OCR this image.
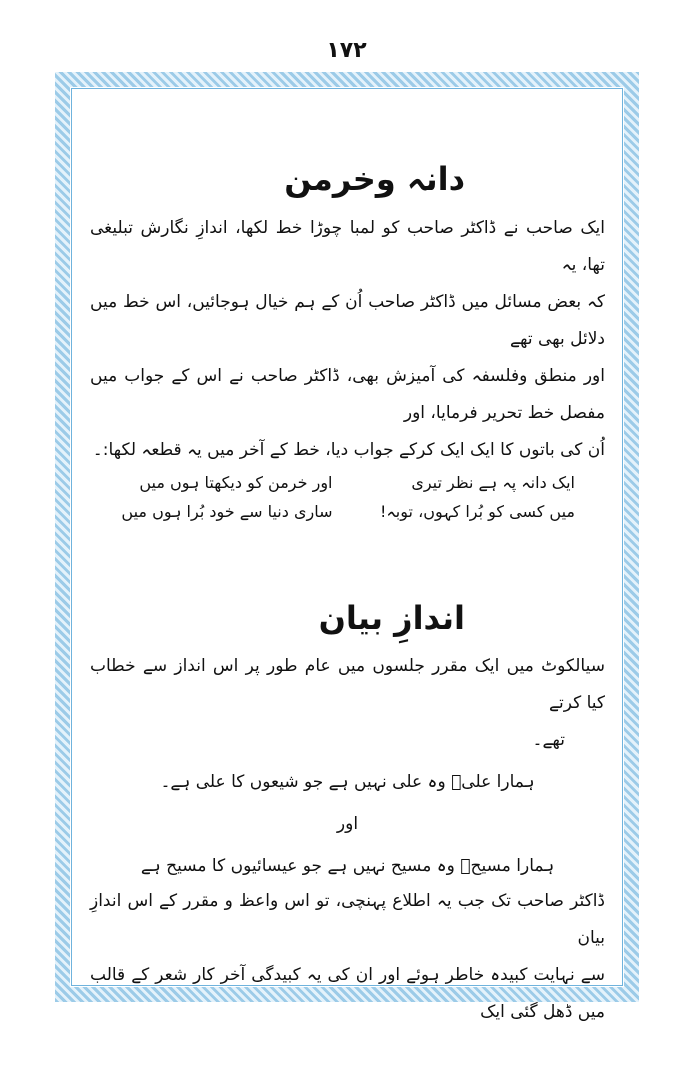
۱۷۲
دانہ وخرمن

ایک صاحب نے ڈاکٹر صاحب کو لمبا چوڑا خط لکھا، اندازِ نگارش تبلیغی تھا، یہ

کہ بعض مسائل میں ڈاکٹر صاحب اُن کے ہم خیال ہوجائیں، اس خط میں دلائل بھی تھے

اور منطق وفلسفہ کی آمیزش بھی، ڈاکٹر صاحب نے اس کے جواب میں مفصل خط تحریر فرمایا، اور

اُن کی باتوں کا ایک ایک کرکے جواب دیا، خط کے آخر میں یہ قطعہ لکھا:۔

ایک دانہ پہ ہے نظر تیری
اور خرمن کو دیکھتا ہوں میں
میں کسی کو بُرا کہوں، توبہ!
ساری دنیا سے خود بُرا ہوں میں
اندازِ بیان

سیالکوٹ میں ایک مقرر جلسوں میں عام طور پر اس انداز سے خطاب کیا کرتے

تھے۔

ہمارا علیؓ وہ علی نہیں ہے جو شیعوں کا علی ہے۔

اور

ہمارا مسیحؑ وہ مسیح نہیں ہے جو عیسائیوں کا مسیح ہے

ڈاکٹر صاحب تک جب یہ اطلاع پہنچی، تو اس واعظ و مقرر کے اس اندازِ بیان

سے نہایت کبیدہ خاطر ہوئے اور ان کی یہ کبیدگی آخر کار شعر کے قالب میں ڈھل گئی ایک
